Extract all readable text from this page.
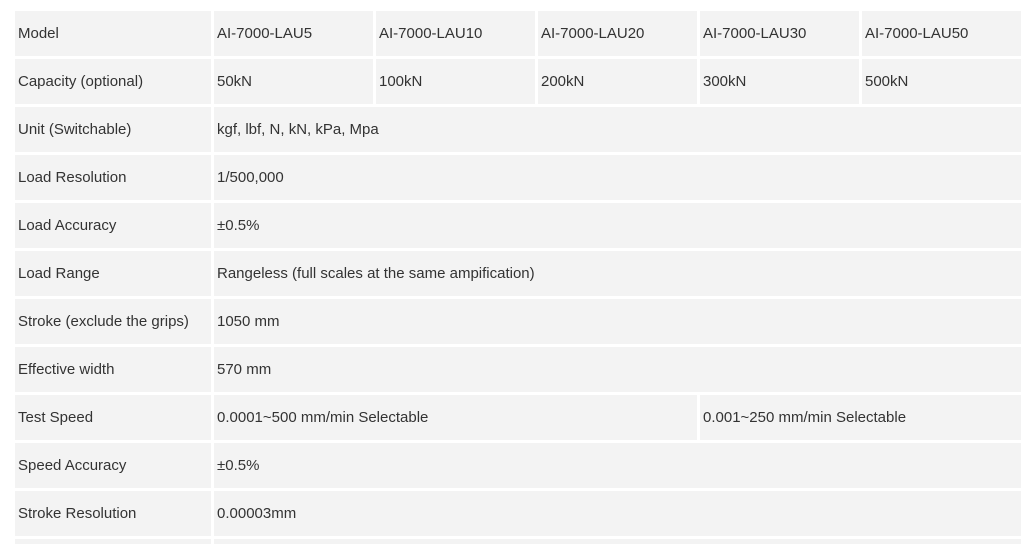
Model	AI-7000-LAU5	AI-7000-LAU10	AI-7000-LAU20	AI-7000-LAU30	AI-7000-LAU50
Capacity (optional)	50kN	100kN	200kN	300kN	500kN
Unit (Switchable)	kgf, lbf, N, kN, kPa, Mpa				
Load Resolution	1/500,000				
Load Accuracy	±0.5%				
Load Range	Rangeless (full scales at the same ampification)				
Stroke (exclude the grips)	1050 mm				
Effective width	570 mm				
Test Speed	0.0001~500 mm/min Selectable			0.001~250 mm/min Selectable	
Speed Accuracy	±0.5%				
Stroke Resolution	0.00003mm				
